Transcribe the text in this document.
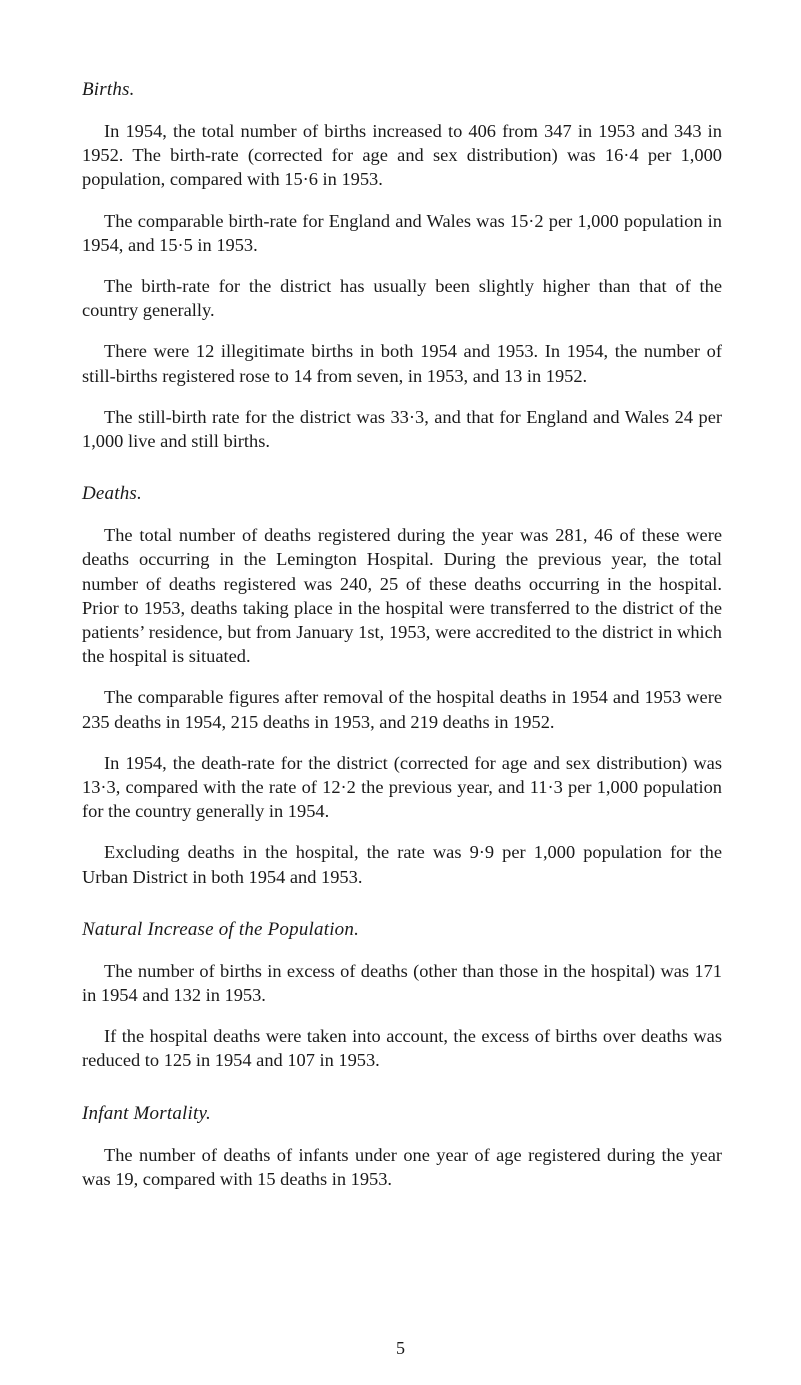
Births.

In 1954, the total number of births increased to 406 from 347 in 1953 and 343 in 1952. The birth-rate (corrected for age and sex distribution) was 16·4 per 1,000 population, compared with 15·6 in 1953.

The comparable birth-rate for England and Wales was 15·2 per 1,000 population in 1954, and 15·5 in 1953.

The birth-rate for the district has usually been slightly higher than that of the country generally.

There were 12 illegitimate births in both 1954 and 1953. In 1954, the number of still-births registered rose to 14 from seven, in 1953, and 13 in 1952.

The still-birth rate for the district was 33·3, and that for England and Wales 24 per 1,000 live and still births.

Deaths.

The total number of deaths registered during the year was 281, 46 of these were deaths occurring in the Lemington Hospital. During the previous year, the total number of deaths registered was 240, 25 of these deaths occurring in the hospital. Prior to 1953, deaths taking place in the hospital were transferred to the district of the patients’ residence, but from January 1st, 1953, were accredited to the district in which the hospital is situated.

The comparable figures after removal of the hospital deaths in 1954 and 1953 were 235 deaths in 1954, 215 deaths in 1953, and 219 deaths in 1952.

In 1954, the death-rate for the district (corrected for age and sex distribution) was 13·3, compared with the rate of 12·2 the previous year, and 11·3 per 1,000 population for the country generally in 1954.

Excluding deaths in the hospital, the rate was 9·9 per 1,000 population for the Urban District in both 1954 and 1953.

Natural Increase of the Population.

The number of births in excess of deaths (other than those in the hospital) was 171 in 1954 and 132 in 1953.

If the hospital deaths were taken into account, the excess of births over deaths was reduced to 125 in 1954 and 107 in 1953.

Infant Mortality.

The number of deaths of infants under one year of age registered during the year was 19, compared with 15 deaths in 1953.

5
